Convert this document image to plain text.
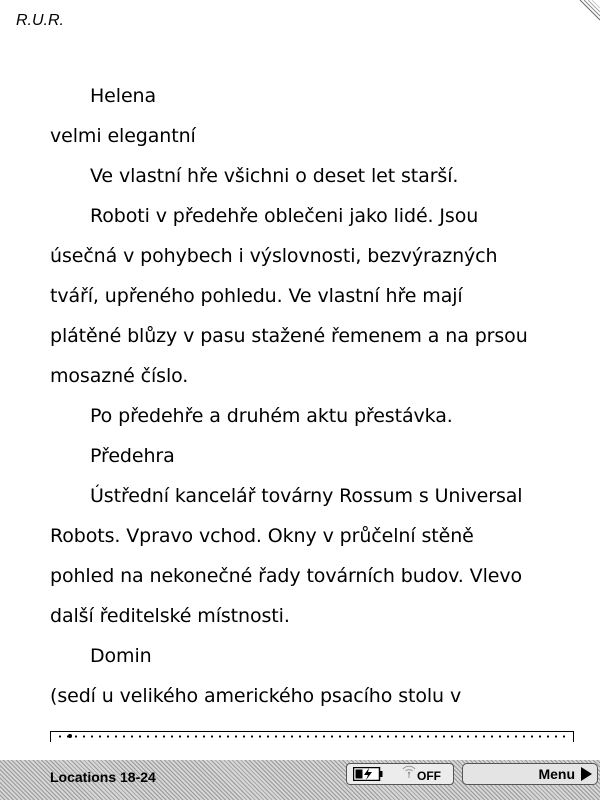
R.U.R.
Helena
velmi elegantní
Ve vlastní hře všichni o deset let starší.
Roboti v předehře oblečeni jako lidé. Jsou
úsečná v pohybech i výslovnosti, bezvýrazných
tváří, upřeného pohledu. Ve vlastní hře mají
plátěné blůzy v pasu stažené řemenem a na prsou
mosazné číslo.
Po předehře a druhém aktu přestávka.
Předehra
Ústřední kancelář továrny Rossum s Universal
Robots. Vpravo vchod. Okny v průčelní stěně
pohled na nekonečné řady továrních budov. Vlevo
další ředitelské místnosti.
Domin
(sedí u velikého amerického psacího stolu v
Locations 18-24	OFF	Menu
